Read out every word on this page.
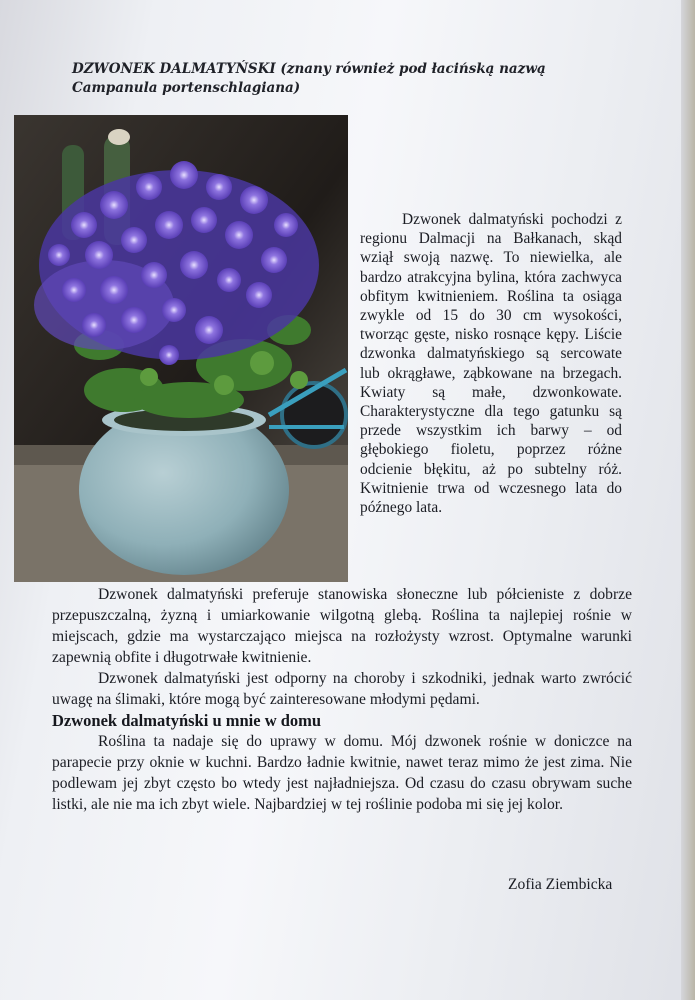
DZWONEK DALMATYŃSKI (znany również pod łacińską nazwą Campanula portenschlagiana)

Dzwonek dalmatyński pochodzi z regionu Dalmacji na Bałkanach, skąd wziął swoją nazwę. To niewielka, ale bardzo atrakcyjna bylina, która zachwyca obfitym kwitnieniem. Roślina ta osiąga zwykle od 15 do 30 cm wysokości, tworząc gęste, nisko rosnące kępy. Liście dzwonka dalmatyńskiego są sercowate lub okrągławe, ząbkowane na brzegach. Kwiaty są małe, dzwonkowate. Charakterystyczne dla tego gatunku są przede wszystkim ich barwy – od głębokiego fioletu, poprzez różne odcienie błękitu, aż po subtelny róż. Kwitnienie trwa od wczesnego lata do późnego lata.

Dzwonek dalmatyński preferuje stanowiska słoneczne lub półcieniste z dobrze przepuszczalną, żyzną i umiarkowanie wilgotną glebą. Roślina ta najlepiej rośnie w miejscach, gdzie ma wystarczająco miejsca na rozłożysty wzrost. Optymalne warunki zapewnią obfite i długotrwałe kwitnienie.

Dzwonek dalmatyński jest odporny na choroby i szkodniki, jednak warto zwrócić uwagę na ślimaki, które mogą być zainteresowane młodymi pędami.

Dzwonek dalmatyński u mnie w domu

Roślina ta nadaje się do uprawy w domu. Mój dzwonek rośnie w doniczce na parapecie przy oknie w kuchni. Bardzo ładnie kwitnie, nawet teraz mimo że jest zima. Nie podlewam jej zbyt często bo wtedy jest najładniejsza. Od czasu do czasu obrywam suche listki, ale nie ma ich zbyt wiele. Najbardziej w tej roślinie podoba mi się jej kolor.

Zofia Ziembicka
